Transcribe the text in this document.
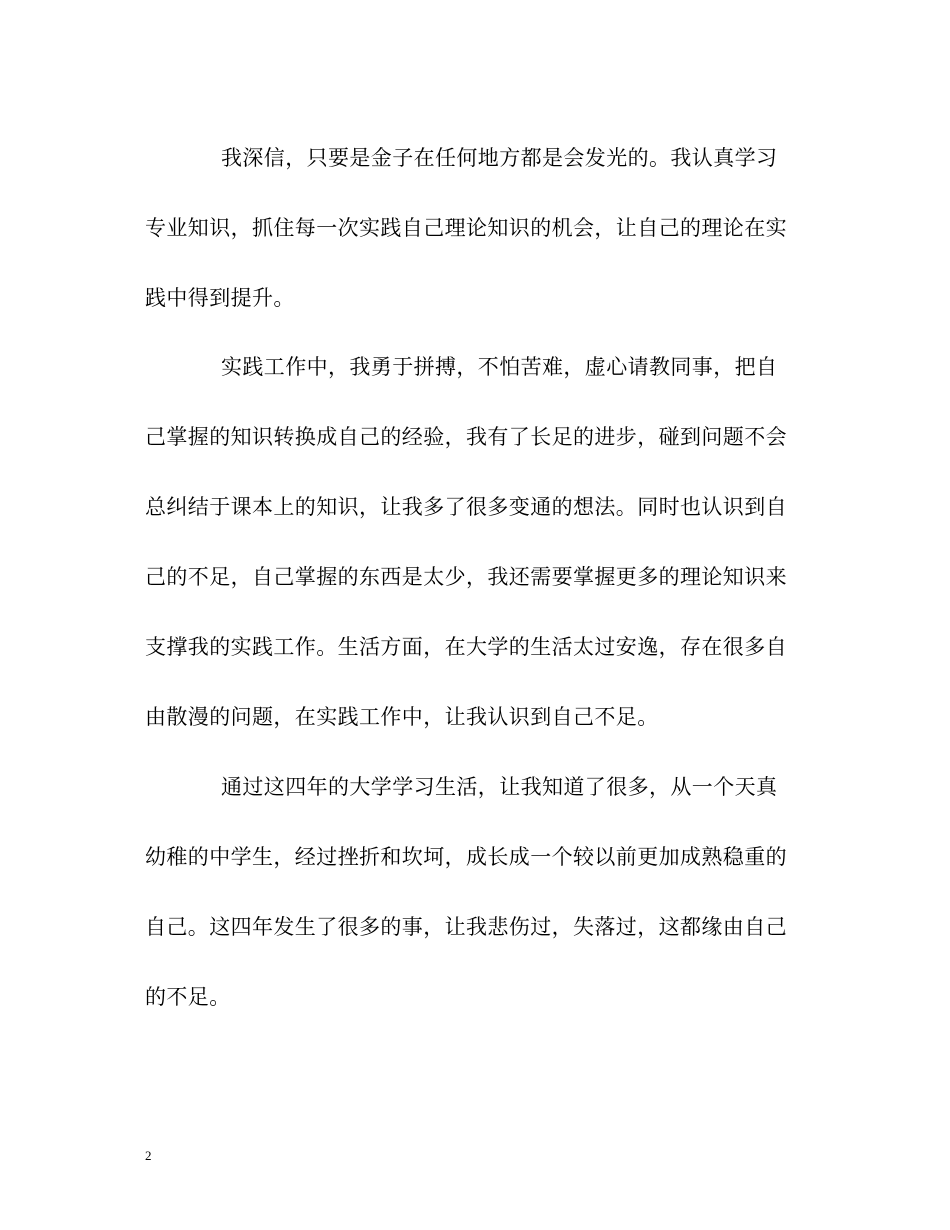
我深信，只要是金子在任何地方都是会发光的。我认真学习
专业知识，抓住每一次实践自己理论知识的机会，让自己的理论在实
践中得到提升。
实践工作中，我勇于拼搏，不怕苦难，虚心请教同事，把自
己掌握的知识转换成自己的经验，我有了长足的进步，碰到问题不会
总纠结于课本上的知识，让我多了很多变通的想法。同时也认识到自
己的不足，自己掌握的东西是太少，我还需要掌握更多的理论知识来
支撑我的实践工作。生活方面，在大学的生活太过安逸，存在很多自
由散漫的问题，在实践工作中，让我认识到自己不足。
通过这四年的大学学习生活，让我知道了很多，从一个天真
幼稚的中学生，经过挫折和坎坷，成长成一个较以前更加成熟稳重的
自己。这四年发生了很多的事，让我悲伤过，失落过，这都缘由自己
的不足。
2
